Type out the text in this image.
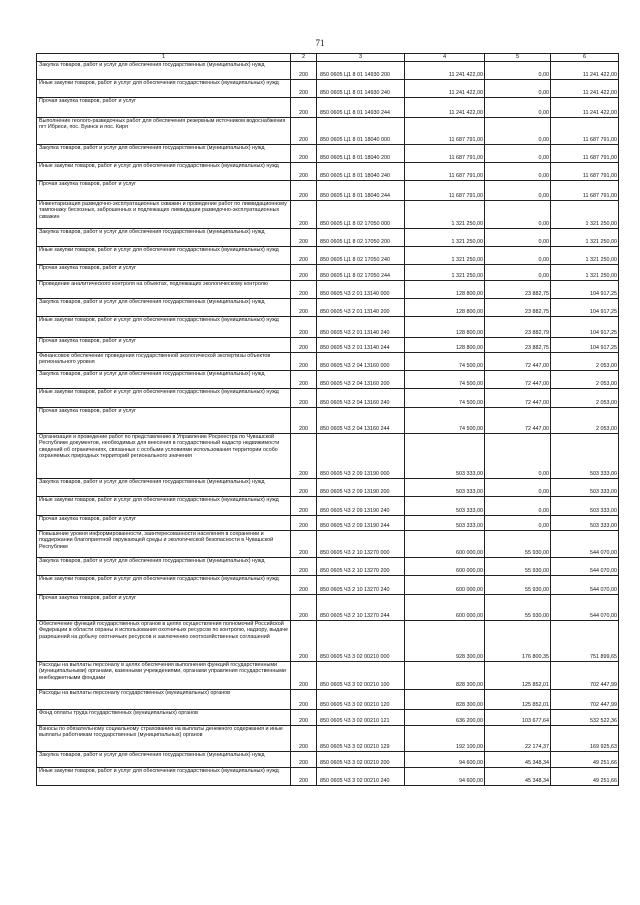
71
1	2	3	4	5	6
Закупка товаров, работ и услуг для обеспечения государственных (муниципальных) нужд	200	850 0605 Ц1 8 01 14930 200	11 241 422,00	0,00	11 241 422,00
Иные закупки товаров, работ и услуг для обеспечения государственных (муниципальных) нужд	200	850 0605 Ц1 8 01 14930 240	11 241 422,00	0,00	11 241 422,00
Прочая закупка товаров, работ и услуг	200	850 0605 Ц1 8 01 14930 244	11 241 422,00	0,00	11 241 422,00
Выполнение геолого-разведочных работ для обеспечения резервным источником водоснабжения пгт Ибреси, пос. Буинск и пос. Киря	200	850 0605 Ц1 8 01 18040 000	11 687 791,00	0,00	11 687 791,00
Закупка товаров, работ и услуг для обеспечения государственных (муниципальных) нужд	200	850 0605 Ц1 8 01 18040 200	11 687 791,00	0,00	11 687 791,00
Иные закупки товаров, работ и услуг для обеспечения государственных (муниципальных) нужд	200	850 0605 Ц1 8 01 18040 240	11 687 791,00	0,00	11 687 791,00
Прочая закупка товаров, работ и услуг	200	850 0605 Ц1 8 01 18040 244	11 687 791,00	0,00	11 687 791,00
Инвентаризация разведочно-эксплуатационных скважин и проведение работ по ликвидационному тампонажу бесхозных, заброшенных и подлежащих ликвидации разведочно-эксплуатационных скважин	200	850 0605 Ц1 8 02 17050 000	1 321 250,00	0,00	1 321 250,00
Закупка товаров, работ и услуг для обеспечения государственных (муниципальных) нужд	200	850 0605 Ц1 8 02 17050 200	1 321 250,00	0,00	1 321 250,00
Иные закупки товаров, работ и услуг для обеспечения государственных (муниципальных) нужд	200	850 0605 Ц1 8 02 17050 240	1 321 250,00	0,00	1 321 250,00
Прочая закупка товаров, работ и услуг	200	850 0605 Ц1 8 02 17050 244	1 321 250,00	0,00	1 321 250,00
Проведение аналитического контроля на объектах, подлежащих экологическому контролю	200	850 0605 Ч3 2 01 13140 000	128 800,00	23 882,75	104 917,25
Закупка товаров, работ и услуг для обеспечения государственных (муниципальных) нужд	200	850 0605 Ч3 2 01 13140 200	128 800,00	23 882,75	104 917,25
Иные закупки товаров, работ и услуг для обеспечения государственных (муниципальных) нужд	200	850 0605 Ч3 2 01 13140 240	128 800,00	23 882,79	104 917,25
Прочая закупка товаров, работ и услуг	200	850 0605 Ч3 2 01 13140 244	128 800,00	23 882,75	104 917,25
Финансовое обеспечение проведения государственной экологической экспертизы объектов регионального уровня	200	850 0605 Ч3 2 04 13160 000	74 500,00	72 447,00	2 053,00
Закупка товаров, работ и услуг для обеспечения государственных (муниципальных) нужд	200	850 0605 Ч3 2 04 13160 200	74 500,00	72 447,00	2 053,00
Иные закупки товаров, работ и услуг для обеспечения государственных (муниципальных) нужд	200	850 0605 Ч3 2 04 13160 240	74 500,00	72 447,00	2 053,00
Прочая закупка товаров, работ и услуг	200	850 0605 Ч3 2 04 13160 244	74 500,00	72 447,00	2 053,00
Организация и проведение работ по представлению в Управление Росреестра по Чувашской Республике документов, необходимых для внесения в государственный кадастр недвижимости сведений об ограничениях, связанных с особыми условиями использования территории особо охраняемых природных территорий регионального значения	200	850 0605 Ч3 2 09 13190 000	503 333,00	0,00	503 333,00
Закупка товаров, работ и услуг для обеспечения государственных (муниципальных) нужд	200	850 0605 Ч3 2 09 13190 200	503 333,00	0,00	503 333,00
Иные закупки товаров, работ и услуг для обеспечения государственных (муниципальных) нужд	200	850 0605 Ч3 2 09 13190 240	503 333,00	0,00	503 333,00
Прочая закупка товаров, работ и услуг	200	850 0605 Ч3 2 09 13190 244	503 333,00	0,00	503 333,00
Повышение уровня информированности, заинтересованности населения в сохранении и поддержании благоприятной окружающей среды и экологической безопасности в Чувашской Республике	200	850 0605 Ч3 2 10 13270 000	600 000,00	55 930,00	544 070,00
Закупка товаров, работ и услуг для обеспечения государственных (муниципальных) нужд	200	850 0605 Ч3 2 10 13270 200	600 000,00	55 930,00	544 070,00
Иные закупки товаров, работ и услуг для обеспечения государственных (муниципальных) нужд	200	850 0605 Ч3 2 10 13270 240	600 000,00	55 930,00	544 070,00
Прочая закупка товаров, работ и услуг	200	850 0605 Ч3 2 10 13270 244	600 000,00	55 930,00	544 070,00
Обеспечение функций государственных органов в целях осуществления полномочий Российской Федерации в области охраны и использования охотничьих ресурсов по контролю, надзору, выдаче разрешений на добычу охотничьих ресурсов и заключению охотхозяйственных соглашений	200	850 0605 Ч3 3 02 00210 000	928 300,00	176 800,35	751 899,65
Расходы на выплаты персоналу в целях обеспечения выполнения функций государственными (муниципальными) органами, казенными учреждениями, органами управления государственными внебюджетными фондами	200	850 0605 Ч3 3 02 00210 100	828 300,00	125 852,01	702 447,99
Расходы на выплаты персоналу государственных (муниципальных) органов	200	850 0605 Ч3 3 02 00210 120	828 300,00	125 852,01	702 447,99
Фонд оплаты труда государственных (муниципальных) органов	200	850 0605 Ч3 3 02 00210 121	636 200,00	103 677,64	532 522,36
Взносы по обязательному социальному страхованию на выплаты денежного содержания и иные выплаты работникам государственных (муниципальных) органов	200	850 0605 Ч3 3 02 00210 129	192 100,00	22 174,37	169 925,63
Закупка товаров, работ и услуг для обеспечения государственных (муниципальных) нужд	200	850 0605 Ч3 3 02 00210 200	94 600,00	45 348,34	49 251,66
Иные закупки товаров, работ и услуг для обеспечения государственных (муниципальных) нужд	200	850 0605 Ч3 3 02 00210 240	94 600,00	45 348,34	49 251,66
